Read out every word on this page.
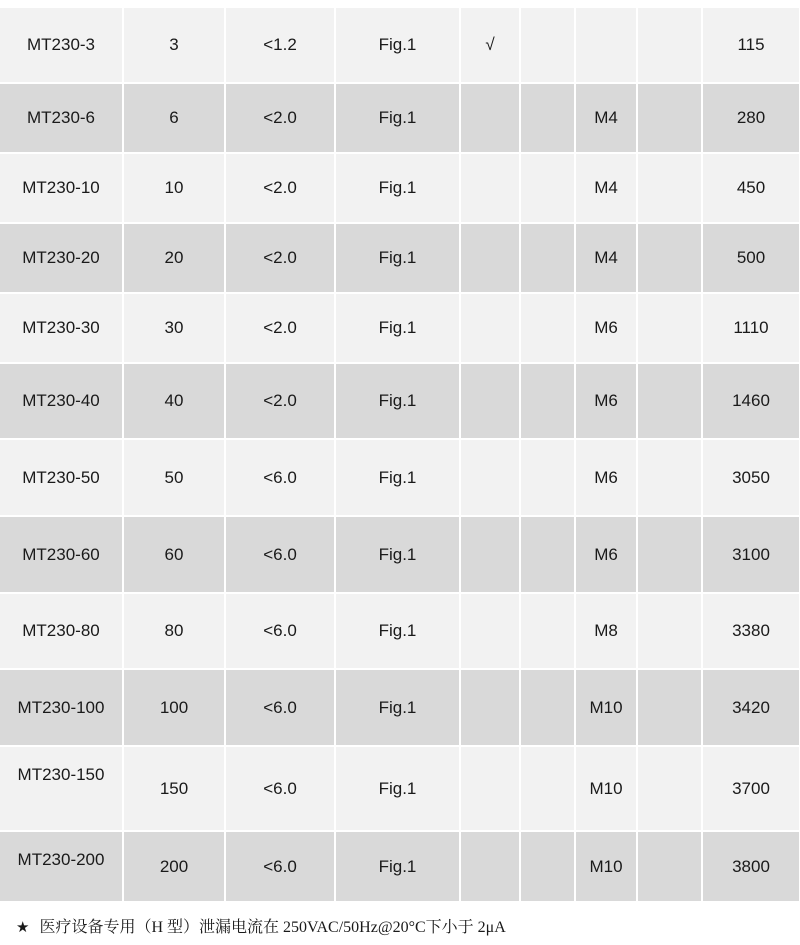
MT230-3	3	<1.2	Fig.1	√				115
MT230-6	6	<2.0	Fig.1			M4		280
MT230-10	10	<2.0	Fig.1			M4		450
MT230-20	20	<2.0	Fig.1			M4		500
MT230-30	30	<2.0	Fig.1			M6		1110
MT230-40	40	<2.0	Fig.1			M6		1460
MT230-50	50	<6.0	Fig.1			M6		3050
MT230-60	60	<6.0	Fig.1			M6		3100
MT230-80	80	<6.0	Fig.1			M8		3380
MT230-100	100	<6.0	Fig.1			M10		3420
MT230-150	150	<6.0	Fig.1			M10		3700
MT230-200	200	<6.0	Fig.1			M10		3800
★ 医疗设备专用（H 型）泄漏电流在 250VAC/50Hz@20°C下小于 2μA
